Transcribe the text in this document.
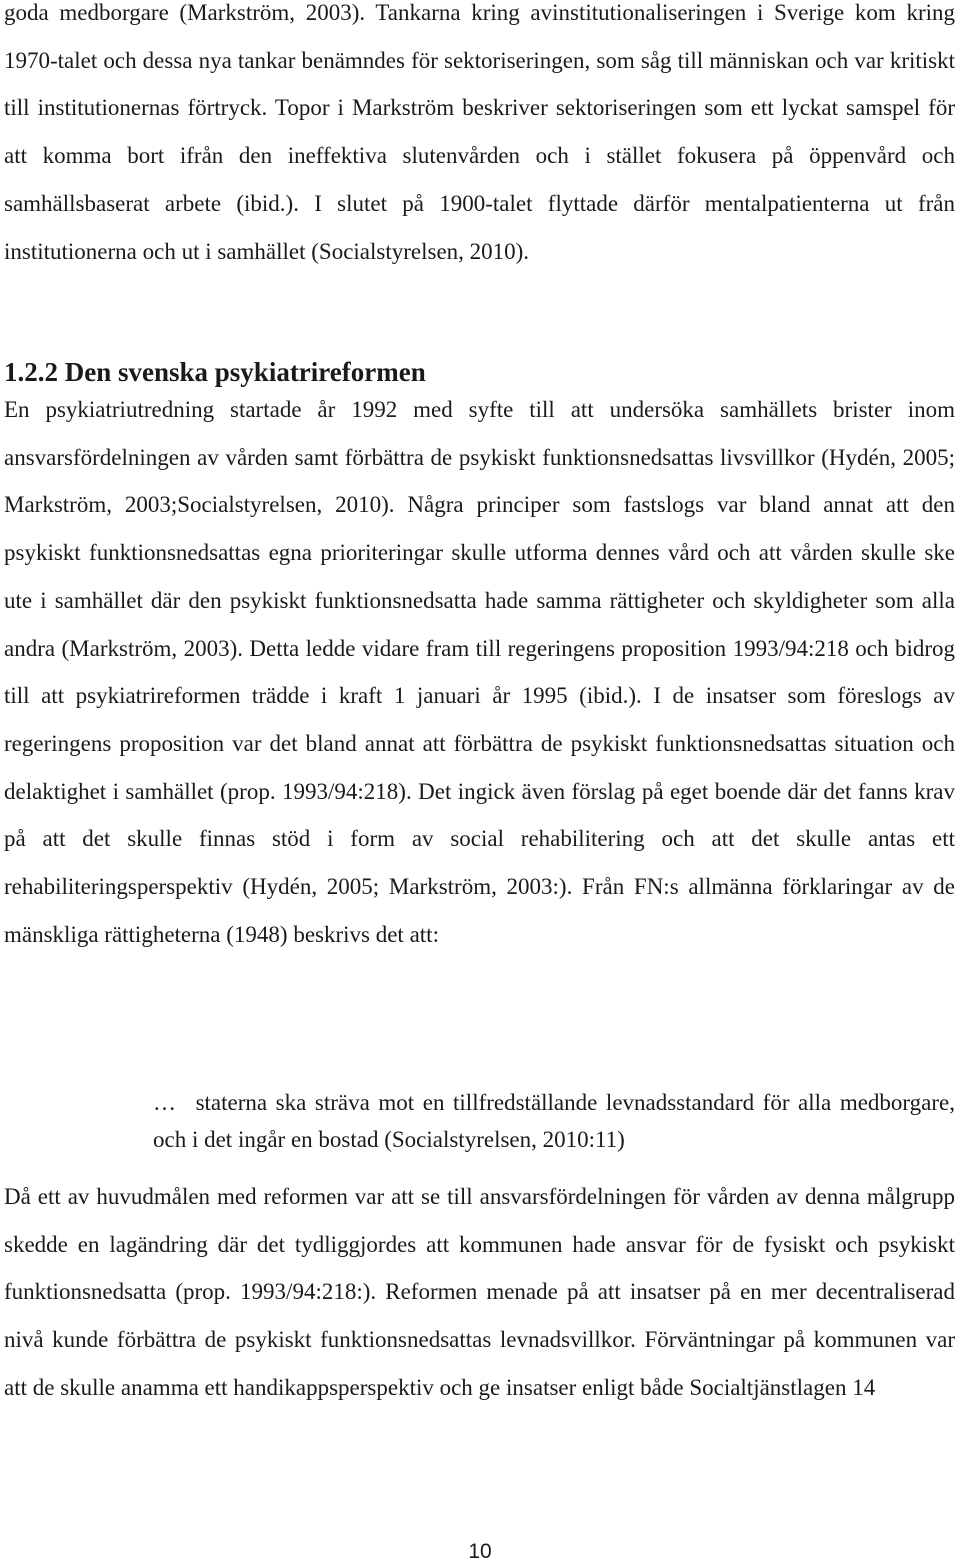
goda medborgare (Markström, 2003). Tankarna kring avinstitutionaliseringen i Sverige kom kring 1970-talet och dessa nya tankar benämndes för sektoriseringen, som såg till människan och var kritiskt till institutionernas förtryck. Topor i Markström beskriver sektoriseringen som ett lyckat samspel för att komma bort ifrån den ineffektiva slutenvården och i stället fokusera på öppenvård och samhällsbaserat arbete (ibid.). I slutet på 1900-talet flyttade därför mentalpatienterna ut från institutionerna och ut i samhället (Socialstyrelsen, 2010).

1.2.2 Den svenska psykiatrireformen

En psykiatriutredning startade år 1992 med syfte till att undersöka samhällets brister inom ansvarsfördelningen av vården samt förbättra de psykiskt funktionsnedsattas livsvillkor (Hydén, 2005; Markström, 2003;Socialstyrelsen, 2010). Några principer som fastslogs var bland annat att den psykiskt funktionsnedsattas egna prioriteringar skulle utforma dennes vård och att vården skulle ske ute i samhället där den psykiskt funktionsnedsatta hade samma rättigheter och skyldigheter som alla andra (Markström, 2003). Detta ledde vidare fram till regeringens proposition 1993/94:218 och bidrog till att psykiatrireformen trädde i kraft 1 januari år 1995 (ibid.). I de insatser som föreslogs av regeringens proposition var det bland annat att förbättra de psykiskt funktionsnedsattas situation och delaktighet i samhället (prop. 1993/94:218). Det ingick även förslag på eget boende där det fanns krav på att det skulle finnas stöd i form av social rehabilitering och att det skulle antas ett rehabiliteringsperspektiv (Hydén, 2005; Markström, 2003:). Från FN:s allmänna förklaringar av de mänskliga rättigheterna (1948) beskrivs det att:

… staterna ska sträva mot en tillfredställande levnadsstandard för alla medborgare, och i det ingår en bostad (Socialstyrelsen, 2010:11)

Då ett av huvudmålen med reformen var att se till ansvarsfördelningen för vården av denna målgrupp skedde en lagändring där det tydliggjordes att kommunen hade ansvar för de fysiskt och psykiskt funktionsnedsatta (prop. 1993/94:218:). Reformen menade på att insatser på en mer decentraliserad nivå kunde förbättra de psykiskt funktionsnedsattas levnadsvillkor. Förväntningar på kommunen var att de skulle anamma ett handikappsperspektiv och ge insatser enligt både Socialtjänstlagen 14

10
